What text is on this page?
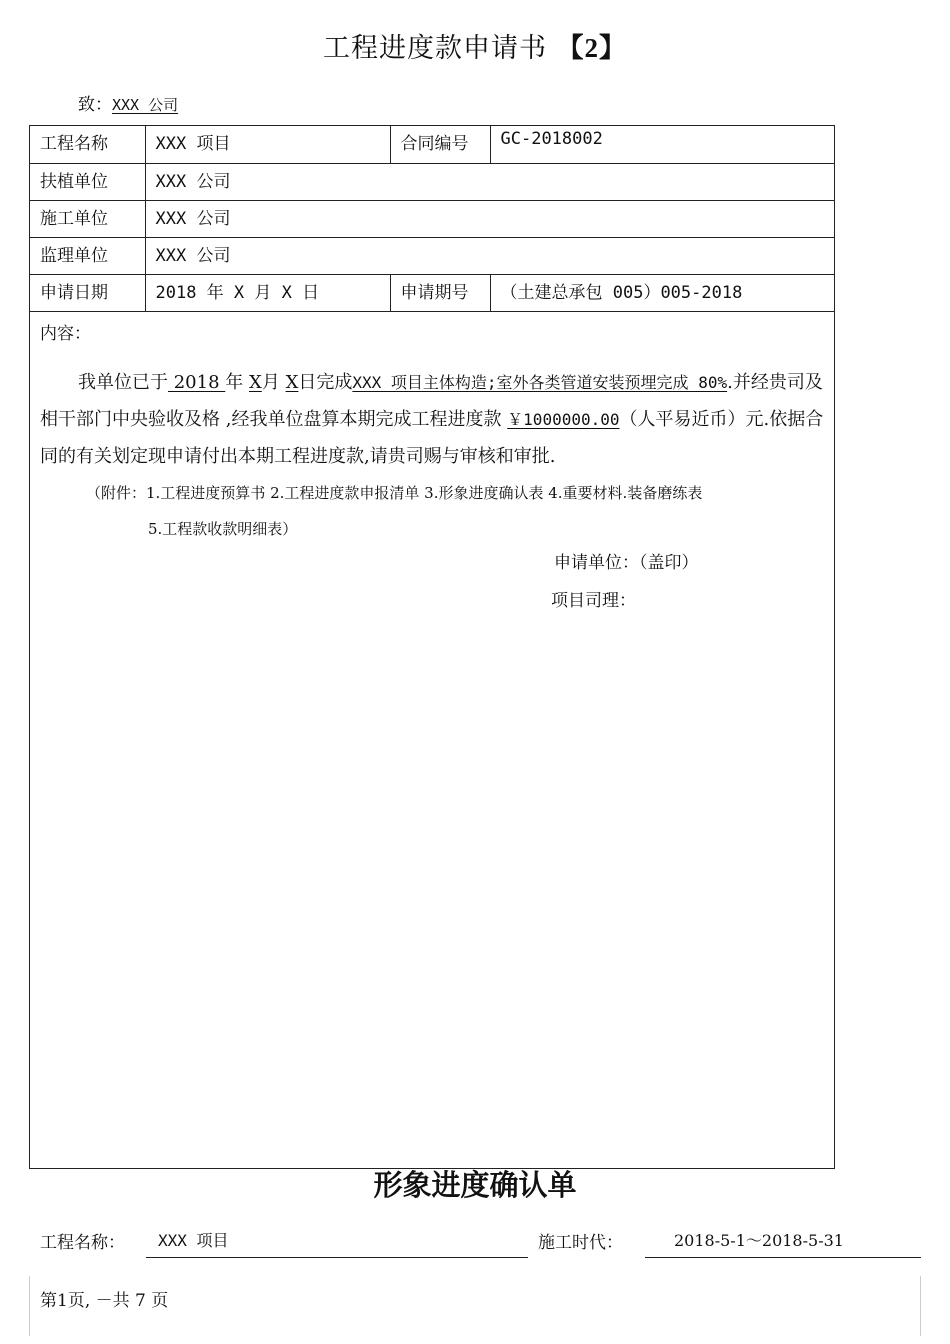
工程进度款申请书 【2】
致：XXX 公司
工程名称	XXX 项目	合同编号	GC-2018002
扶植单位	XXX 公司		
施工单位	XXX 公司		
监理单位	XXX 公司		
申请日期	2018 年 X 月 X 日	申请期号	（土建总承包 005）005-2018
内容：
我单位已于 2018 年 X月 X日完成XXX 项目主体构造;室外各类管道安装预埋完成 80%.并经贵司及相干部门中央验收及格 ,经我单位盘算本期完成工程进度款 ￥1000000.00（人平易近币）元.依据合同的有关划定现申请付出本期工程进度款,请贵司赐与审核和审批.
（附件：1.工程进度预算书 2.工程进度款申报清单 3.形象进度确认表 4.重要材料.装备磨练表
5.工程款收款明细表）
申请单位：（盖印）
项目司理：
形象进度确认单
工程名称： XXX 项目	施工时代：	2018-5-1～2018-5-31
第1页, －共 7 页
